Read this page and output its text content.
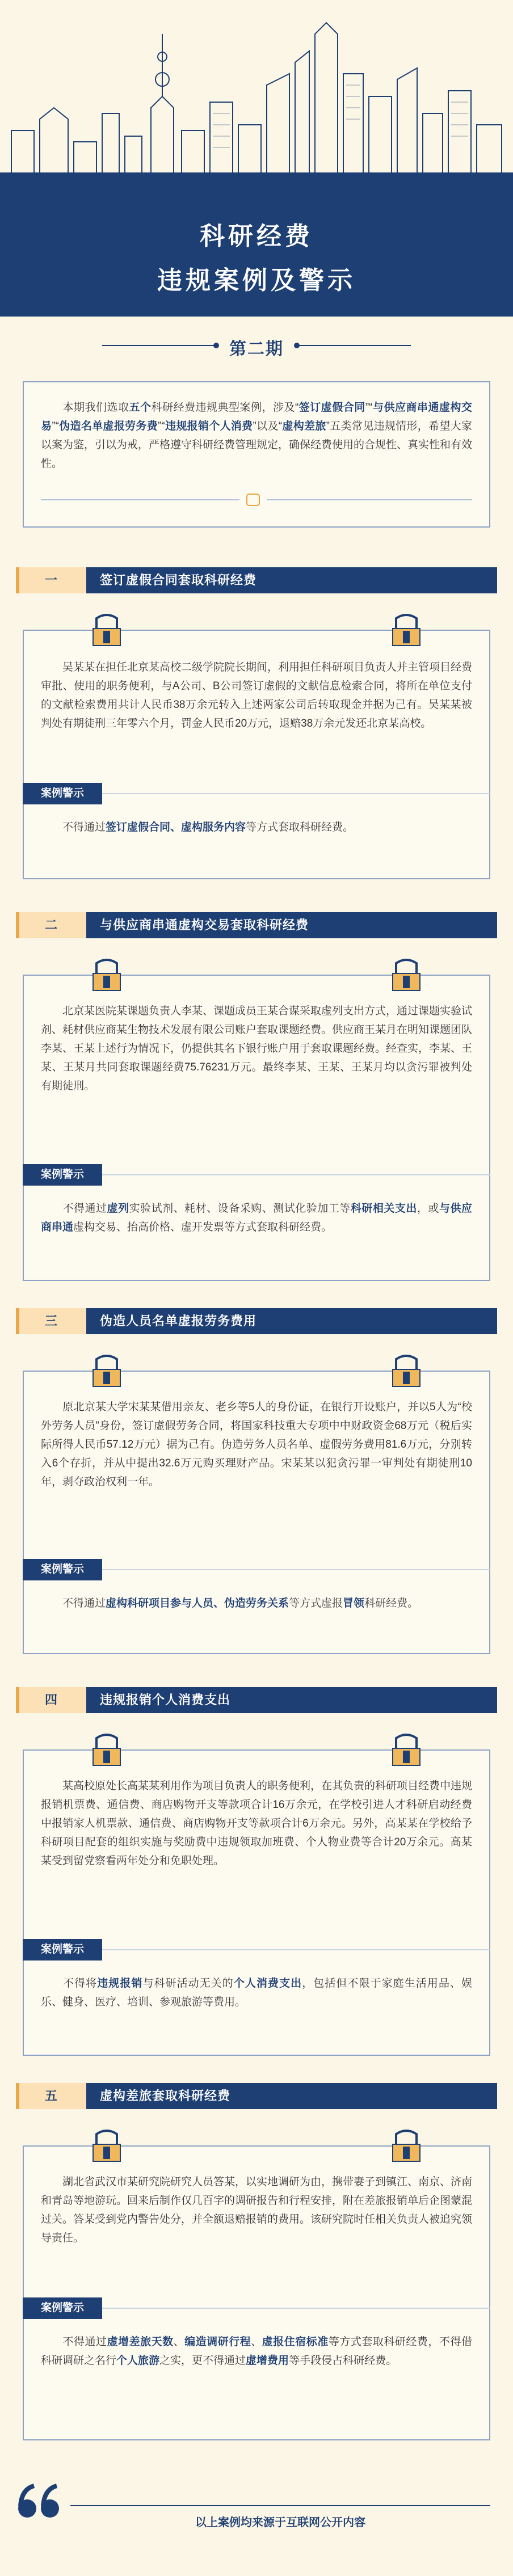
科研经费
违规案例及警示
第二期
  本期我们选取五个科研经费违规典型案例，涉及“签订虚假合同”“与供应商串通虚构交易”“伪造名单虚报劳务费”“违规报销个人消费”以及“虚构差旅”五类常见违规情形，希望大家以案为鉴，引以为戒，严格遵守科研经费管理规定，确保经费使用的合规性、真实性和有效性。
一	签订虚假合同套取科研经费
  吴某某在担任北京某高校二级学院院长期间，利用担任科研项目负责人并主管项目经费审批、使用的职务便利，与A公司、B公司签订虚假的文献信息检索合同，将所在单位支付的文献检索费用共计人民币38万余元转入上述两家公司后转取现金并据为己有。吴某某被判处有期徒刑三年零六个月，罚金人民币20万元，退赔38万余元发还北京某高校。
案例警示
  不得通过签订虚假合同、虚构服务内容等方式套取科研经费。
二	与供应商串通虚构交易套取科研经费
  北京某医院某课题负责人李某、课题成员王某合谋采取虚列支出方式，通过课题实验试剂、耗材供应商某生物技术发展有限公司账户套取课题经费。供应商王某月在明知课题团队李某、王某上述行为情况下，仍提供其名下银行账户用于套取课题经费。经查实，李某、王某、王某月共同套取课题经费75.76231万元。最终李某、王某、王某月均以贪污罪被判处有期徒刑。
案例警示
  不得通过虚列实验试剂、耗材、设备采购、测试化验加工等科研相关支出，或与供应商串通虚构交易、抬高价格、虚开发票等方式套取科研经费。
三	伪造人员名单虚报劳务费用
  原北京某大学宋某某借用亲友、老乡等5人的身份证，在银行开设账户，并以5人为“校外劳务人员”身份，签订虚假劳务合同，将国家科技重大专项中中财政资金68万元（税后实际所得人民币57.12万元）据为己有。伪造劳务人员名单、虚假劳务费用81.6万元，分别转入6个存折，并从中提出32.6万元购买理财产品。宋某某以犯贪污罪一审判处有期徒刑10年，剥夺政治权利一年。
案例警示
  不得通过虚构科研项目参与人员、伪造劳务关系等方式虚报冒领科研经费。
四	违规报销个人消费支出
  某高校原处长高某某利用作为项目负责人的职务便利，在其负责的科研项目经费中违规报销机票费、通信费、商店购物开支等款项合计16万余元，在学校引进人才科研启动经费中报销家人机票款、通信费、商店购物开支等款项合计6万余元。另外，高某某在学校给予科研项目配套的组织实施与奖励费中违规领取加班费、个人物业费等合计20万余元。高某某受到留党察看两年处分和免职处理。
案例警示
  不得将违规报销与科研活动无关的个人消费支出，包括但不限于家庭生活用品、娱乐、健身、医疗、培训、参观旅游等费用。
五	虚构差旅套取科研经费
  湖北省武汉市某研究院研究人员答某，以实地调研为由，携带妻子到镇江、南京、济南和青岛等地游玩。回来后制作仅几百字的调研报告和行程安排，附在差旅报销单后企图蒙混过关。答某受到党内警告处分，并全额退赔报销的费用。该研究院时任相关负责人被追究领导责任。
案例警示
  不得通过虚增差旅天数、编造调研行程、虚报住宿标准等方式套取科研经费，不得借科研调研之名行个人旅游之实，更不得通过虚增费用等手段侵占科研经费。
以上案例均来源于互联网公开内容
